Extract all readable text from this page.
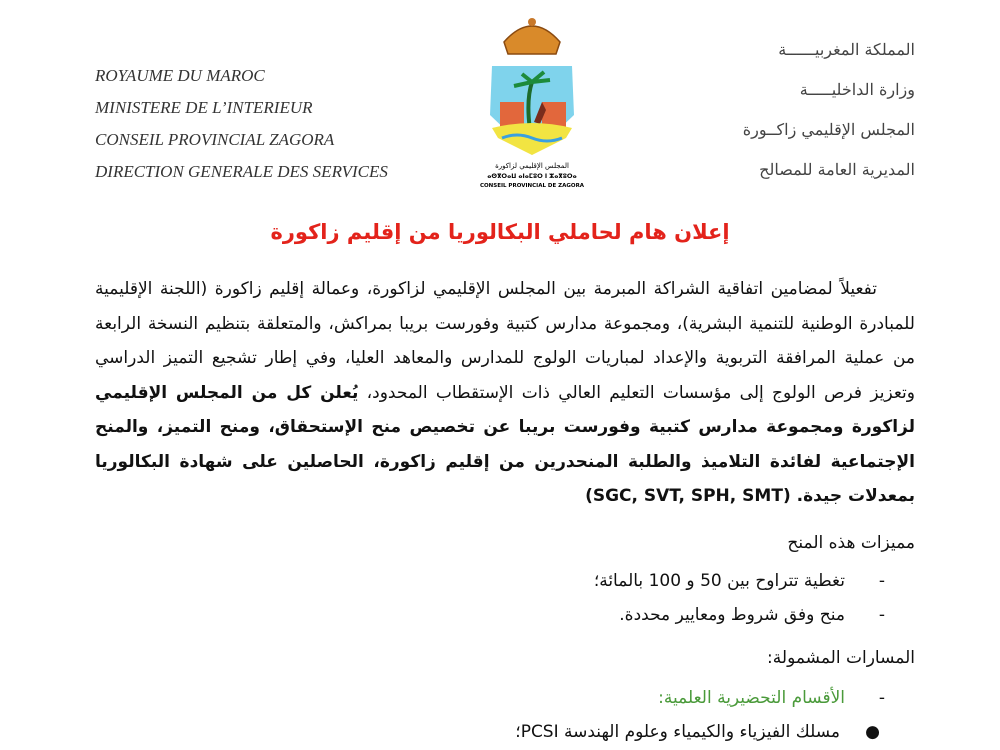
ROYAUME DU MAROC
MINISTERE DE L’INTERIEUR
CONSEIL PROVINCIAL ZAGORA
DIRECTION GENERALE DES SERVICES
المملكة المغربيــــــة
وزارة الداخليـــــة
المجلس الإقليمي زاكــورة
المديرية العامة للمصالح
المجلس الإقليمي لزاكورة
ⴰⵙⴳⵔⴰⵡ ⴰⵏⴰⵎⵓⵔ ⵏ ⵣⴰⴳⵓⵔⴰ
CONSEIL PROVINCIAL DE ZAGORA
إعلان هام لحاملي البكالوريا من إقليم زاكورة
تفعيلاً لمضامين اتفاقية الشراكة المبرمة بين المجلس الإقليمي لزاكورة، وعمالة إقليم زاكورة (اللجنة الإقليمية للمبادرة الوطنية للتنمية البشرية)، ومجموعة مدارس كتبية وفورست بريبا بمراكش، والمتعلقة بتنظيم النسخة الرابعة من عملية المرافقة التربوية والإعداد لمباريات الولوج للمدارس والمعاهد العليا، وفي إطار تشجيع التميز الدراسي وتعزيز فرص الولوج إلى مؤسسات التعليم العالي ذات الإستقطاب المحدود، يُعلن كل من المجلس الإقليمي لزاكورة ومجموعة مدارس كتبية وفورست بريبا عن تخصيص منح الإستحقاق، ومنح التميز، والمنح الإجتماعية لفائدة التلاميذ والطلبة المنحدرين من إقليم زاكورة، الحاصلين على شهادة البكالوريا بمعدلات جيدة. (SGC, SVT, SPH, SMT)
مميزات هذه المنح
-تغطية تتراوح بين 50 و 100 بالمائة؛
-منح وفق شروط ومعايير محددة.
المسارات المشمولة:
-الأقسام التحضيرية العلمية:
●مسلك الفيزياء والكيمياء وعلوم الهندسة PCSI؛
